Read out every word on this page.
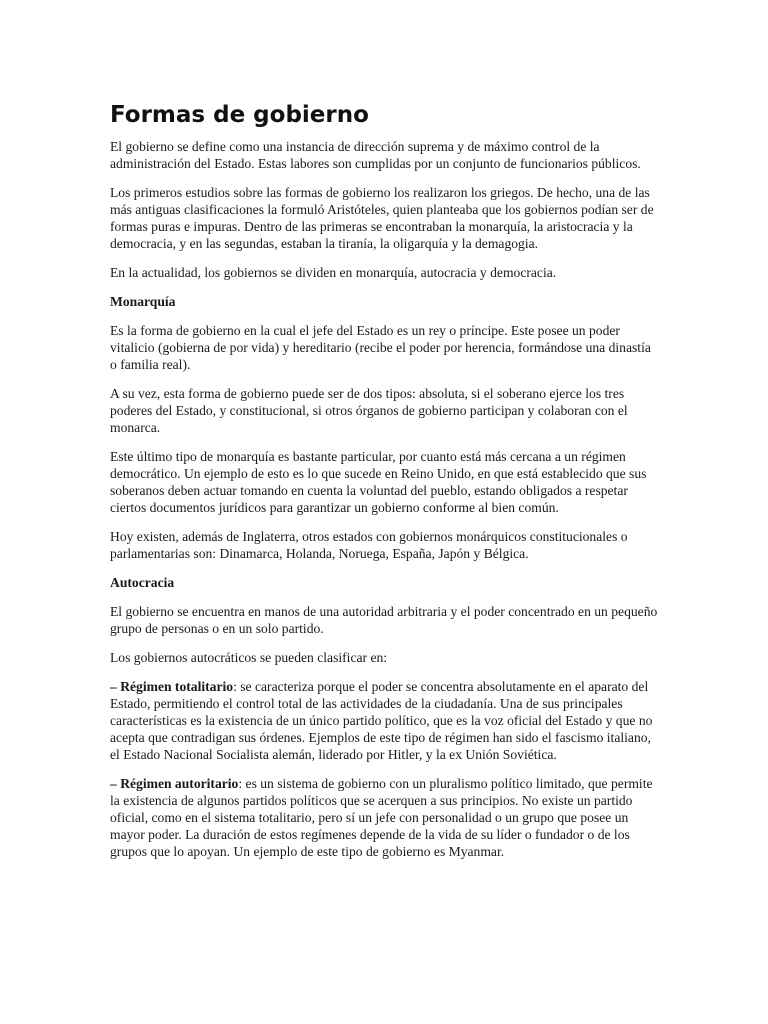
Formas de gobierno

El gobierno se define como una instancia de dirección suprema y de máximo control de la administración del Estado. Estas labores son cumplidas por un conjunto de funcionarios públicos.

Los primeros estudios sobre las formas de gobierno los realizaron los griegos. De hecho, una de las más antiguas clasificaciones la formuló Aristóteles, quien planteaba que los gobiernos podían ser de formas puras e impuras. Dentro de las primeras se encontraban la monarquía, la aristocracia y la democracia, y en las segundas, estaban la tiranía, la oligarquía y la demagogia.

En la actualidad, los gobiernos se dividen en monarquía, autocracia y democracia.

Monarquía

Es la forma de gobierno en la cual el jefe del Estado es un rey o príncipe. Este posee un poder vitalicio (gobierna de por vida) y hereditario (recibe el poder por herencia, formándose una dinastía o familia real).

A su vez, esta forma de gobierno puede ser de dos tipos: absoluta, si el soberano ejerce los tres poderes del Estado, y constitucional, si otros órganos de gobierno participan y colaboran con el monarca.

Este último tipo de monarquía es bastante particular, por cuanto está más cercana a un régimen democrático. Un ejemplo de esto es lo que sucede en Reino Unido, en que está establecido que sus soberanos deben actuar tomando en cuenta la voluntad del pueblo, estando obligados a respetar ciertos documentos jurídicos para garantizar un gobierno conforme al bien común.

Hoy existen, además de Inglaterra, otros estados con gobiernos monárquicos constitucionales o parlamentarias son: Dinamarca, Holanda, Noruega, España, Japón y Bélgica.

Autocracia

El gobierno se encuentra en manos de una autoridad arbitraria y el poder concentrado en un pequeño grupo de personas o en un solo partido.

Los gobiernos autocráticos se pueden clasificar en:

– Régimen totalitario: se caracteriza porque el poder se concentra absolutamente en el aparato del Estado, permitiendo el control total de las actividades de la ciudadanía. Una de sus principales características es la existencia de un único partido político, que es la voz oficial del Estado y que no acepta que contradigan sus órdenes. Ejemplos de este tipo de régimen han sido el fascismo italiano, el Estado Nacional Socialista alemán, liderado por Hitler, y la ex Unión Soviética.

– Régimen autoritario: es un sistema de gobierno con un pluralismo político limitado, que permite la existencia de algunos partidos políticos que se acerquen a sus principios. No existe un partido oficial, como en el sistema totalitario, pero sí un jefe con personalidad o un grupo que posee un mayor poder. La duración de estos regímenes depende de la vida de su líder o fundador o de los grupos que lo apoyan. Un ejemplo de este tipo de gobierno es Myanmar.
